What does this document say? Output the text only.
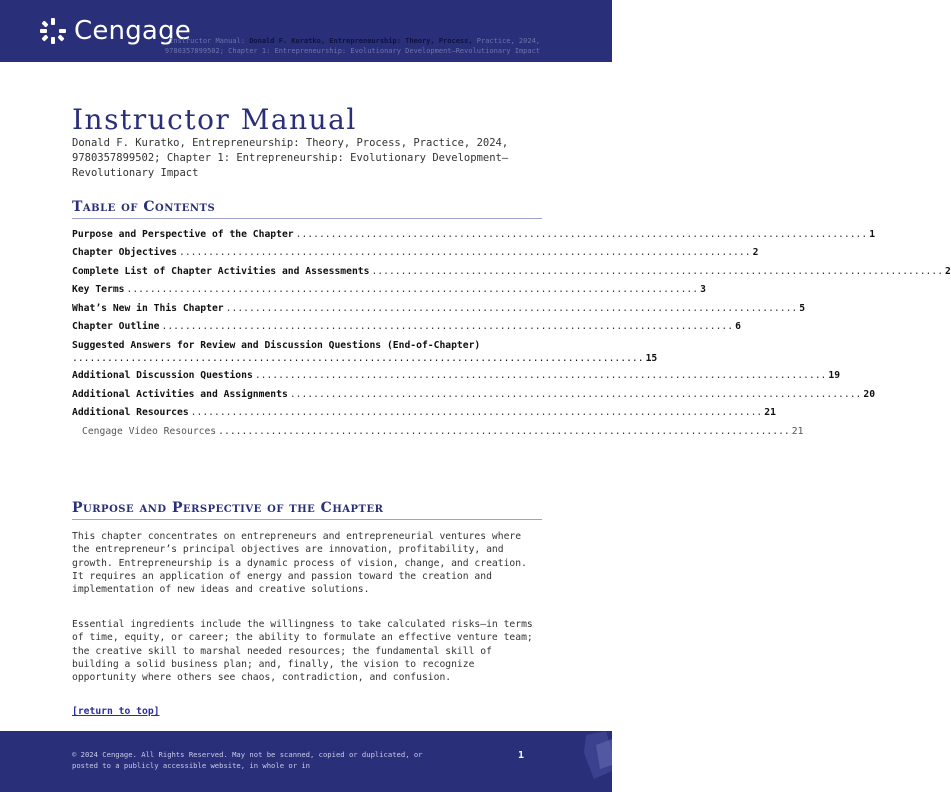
Cengage
Instructor Manual: Donald F. Kuratko, Entrepreneurship: Theory, Process, Practice, 2024,
9780357899502; Chapter 1: Entrepreneurship: Evolutionary Development—Revolutionary Impact
Instructor Manual
Donald F. Kuratko, Entrepreneurship: Theory, Process, Practice, 2024, 9780357899502; Chapter 1: Entrepreneurship: Evolutionary Development—Revolutionary Impact
Table of Contents
Purpose and Perspective of the Chapter .................................................................................................. 1
Chapter Objectives .................................................................................................. 2
Complete List of Chapter Activities and Assessments .................................................................................................. 2
Key Terms .................................................................................................. 3
What’s New in This Chapter .................................................................................................. 5
Chapter Outline .................................................................................................. 6
Suggested Answers for Review and Discussion Questions (End-of-Chapter)
.................................................................................................. 15
Additional Discussion Questions .................................................................................................. 19
Additional Activities and Assignments .................................................................................................. 20
Additional Resources .................................................................................................. 21
Cengage Video Resources .................................................................................................. 21
Purpose and Perspective of the Chapter
This chapter concentrates on entrepreneurs and entrepreneurial ventures where the entrepreneur’s principal objectives are innovation, profitability, and growth. Entrepreneurship is a dynamic process of vision, change, and creation. It requires an application of energy and passion toward the creation and implementation of new ideas and creative solutions.
Essential ingredients include the willingness to take calculated risks—in terms of time, equity, or career; the ability to formulate an effective venture team; the creative skill to marshal needed resources; the fundamental skill of building a solid business plan; and, finally, the vision to recognize opportunity where others see chaos, contradiction, and confusion.
[return to top]
© 2024 Cengage. All Rights Reserved. May not be scanned, copied or duplicated, or posted to a publicly accessible website, in whole or in
1
